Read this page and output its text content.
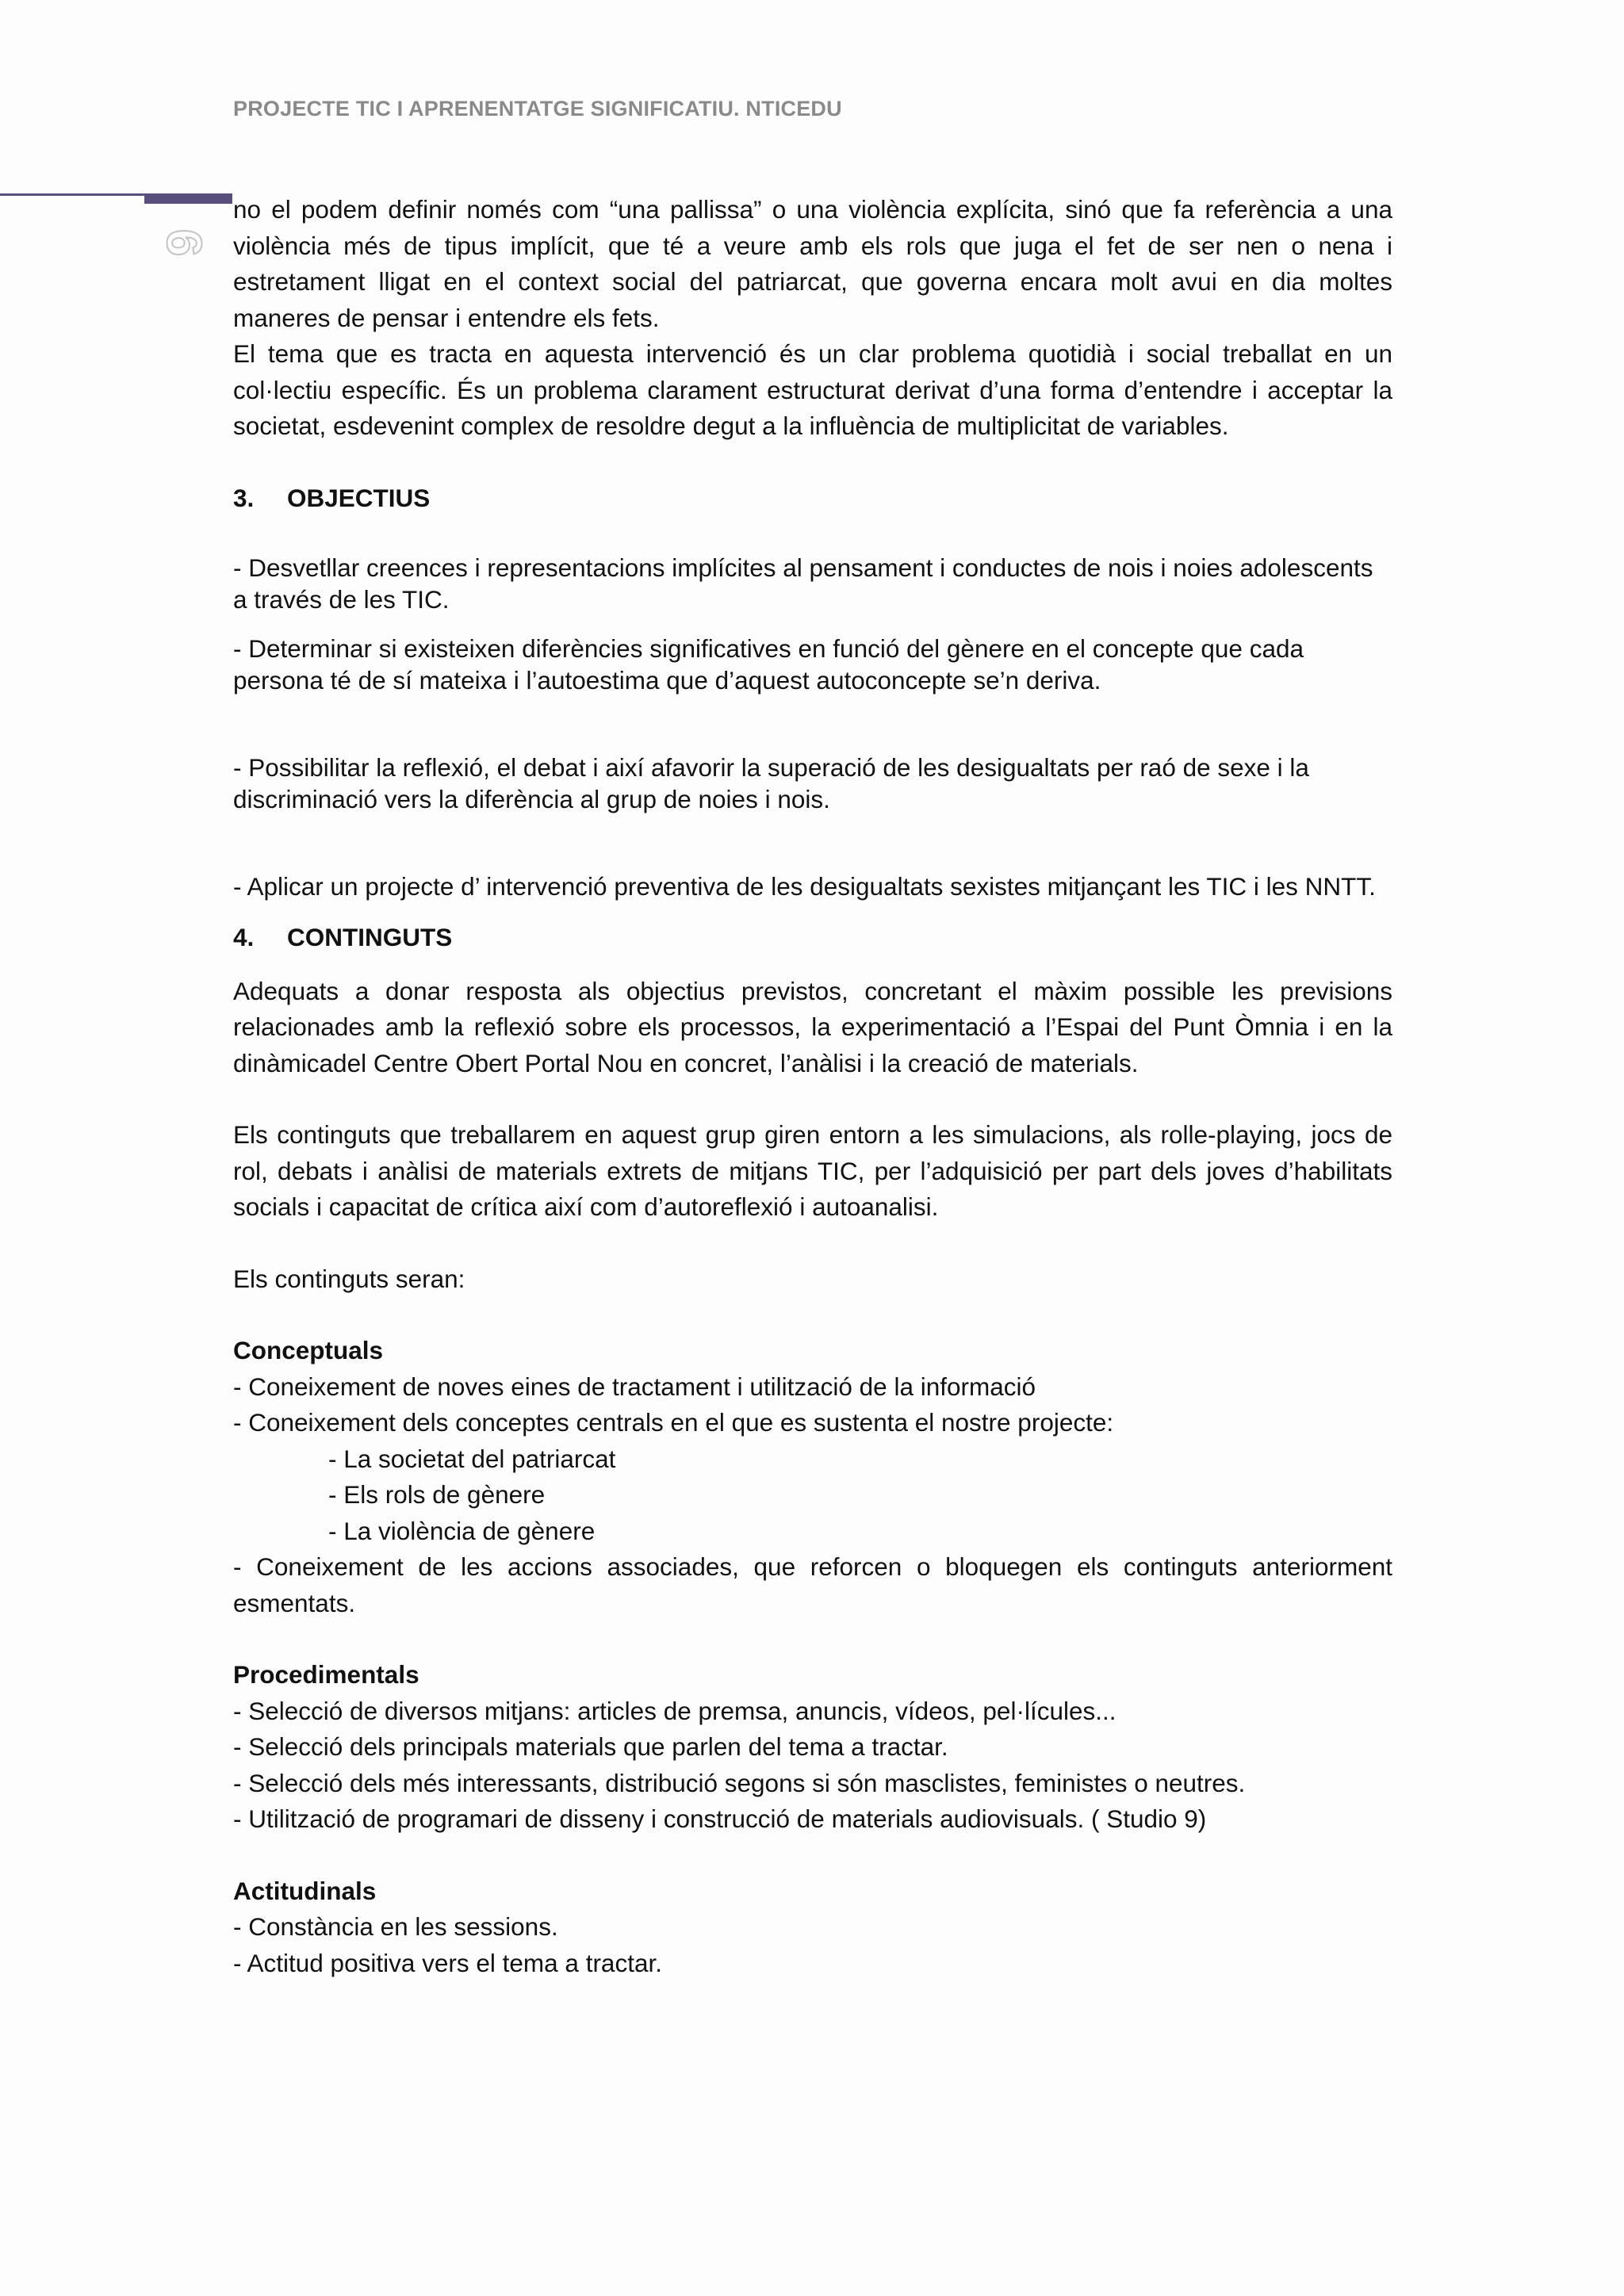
PROJECTE TIC I APRENENTATGE SIGNIFICATIU. NTICEDU
9

no el podem definir només com “una pallissa” o una violència explícita, sinó que fa referència a una violència més de tipus implícit, que té a veure amb els rols que juga el fet de ser nen o nena i estretament lligat en el context social del patriarcat, que governa encara molt avui en dia moltes maneres de pensar i entendre els fets.

El tema que es tracta en aquesta intervenció és un clar problema quotidià i social treballat en un col·lectiu específic. És un problema clarament estructurat derivat d’una forma d’entendre i acceptar la societat, esdevenint complex de resoldre degut a la influència de multiplicitat de variables.

3. OBJECTIUS

- Desvetllar creences i representacions implícites al pensament i conductes de nois i noies adolescents a través de les TIC.

- Determinar si existeixen diferències significatives en funció del gènere en el concepte que cada persona té de sí mateixa i l’autoestima que d’aquest autoconcepte se’n deriva.

- Possibilitar la reflexió, el debat i així afavorir la superació de les desigualtats per raó de sexe i la discriminació vers la diferència al grup de noies i nois.

- Aplicar un projecte d’ intervenció preventiva de les desigualtats sexistes mitjançant les TIC i les NNTT.

4. CONTINGUTS

Adequats a donar resposta als objectius previstos, concretant el màxim possible les previsions relacionades amb la reflexió sobre els processos, la experimentació a l’Espai del Punt Òmnia i en la dinàmicadel Centre Obert Portal Nou en concret, l’anàlisi i la creació de materials.

Els continguts que treballarem en aquest grup giren entorn a les simulacions, als rolle-playing, jocs de rol, debats i anàlisi de materials extrets de mitjans TIC, per l’adquisició per part dels joves d’habilitats socials i capacitat de crítica així com d’autoreflexió i autoanalisi.

Els continguts seran:

Conceptuals

- Coneixement de noves eines de tractament i utilització de la informació

- Coneixement dels conceptes centrals en el que es sustenta el nostre projecte:

- La societat del patriarcat

- Els rols de gènere

- La violència de gènere

- Coneixement de les accions associades, que reforcen o bloquegen els continguts anteriorment esmentats.

Procedimentals

- Selecció de diversos mitjans: articles de premsa, anuncis, vídeos, pel·lícules...

- Selecció dels principals materials que parlen del tema a tractar.

- Selecció dels més interessants, distribució segons si són masclistes, feministes o neutres.

- Utilització de programari de disseny i construcció de materials audiovisuals. ( Studio 9)

Actitudinals

- Constància en les sessions.

- Actitud positiva vers el tema a tractar.
